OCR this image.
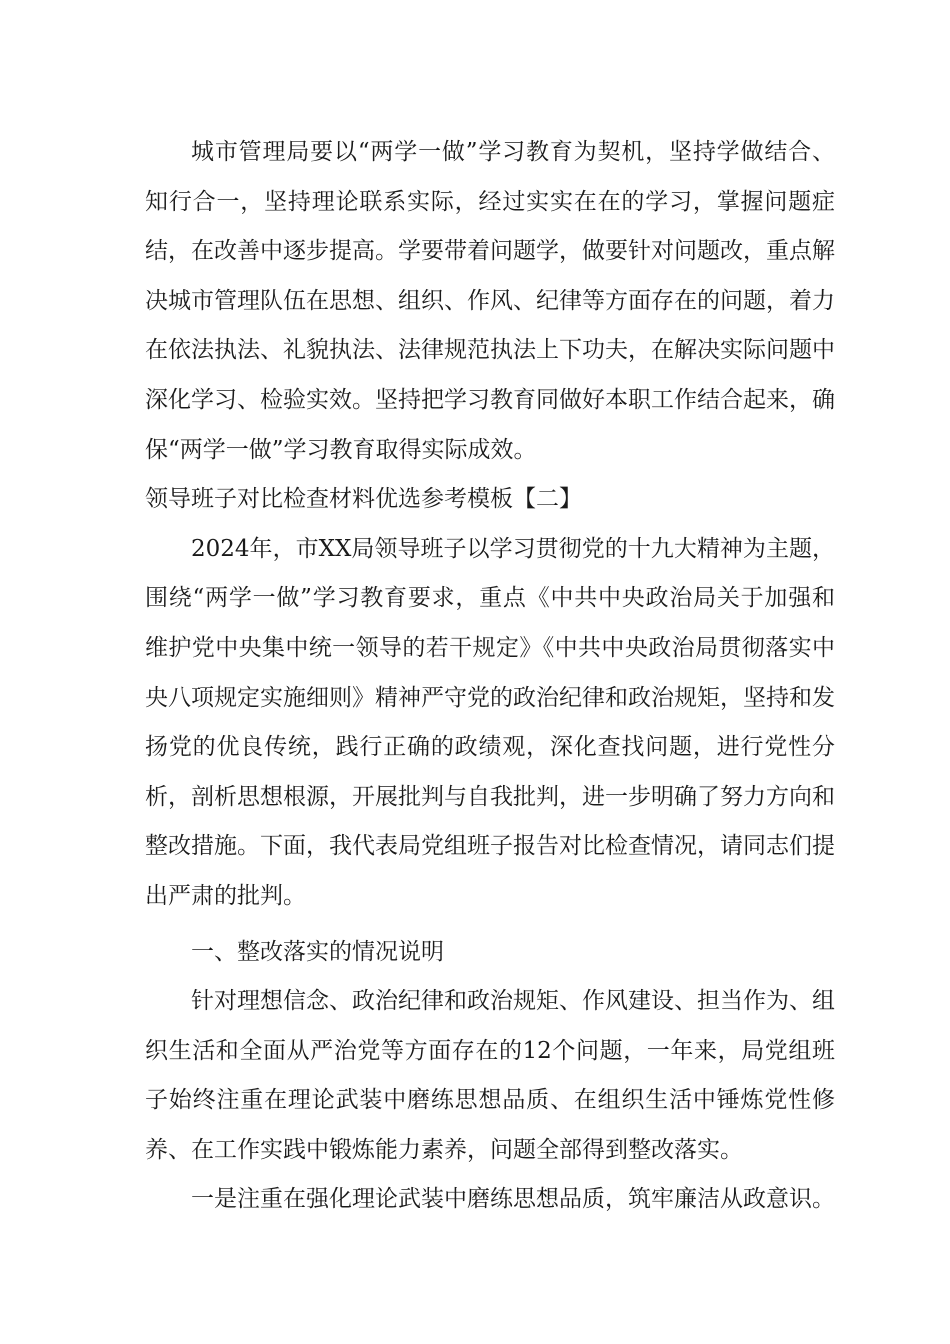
城市管理局要以“两学一做”学习教育为契机，坚持学做结合、知行合一，坚持理论联系实际，经过实实在在的学习，掌握问题症结，在改善中逐步提高。学要带着问题学，做要针对问题改，重点解决城市管理队伍在思想、组织、作风、纪律等方面存在的问题，着力在依法执法、礼貌执法、法律规范执法上下功夫，在解决实际问题中深化学习、检验实效。坚持把学习教育同做好本职工作结合起来，确保“两学一做”学习教育取得实际成效。

领导班子对比检查材料优选参考模板【二】

2024年，市XX局领导班子以学习贯彻党的十九大精神为主题，围绕“两学一做”学习教育要求，重点《中共中央政治局关于加强和维护党中央集中统一领导的若干规定》《中共中央政治局贯彻落实中央八项规定实施细则》精神严守党的政治纪律和政治规矩，坚持和发扬党的优良传统，践行正确的政绩观，深化查找问题，进行党性分析，剖析思想根源，开展批判与自我批判，进一步明确了努力方向和整改措施。下面，我代表局党组班子报告对比检查情况，请同志们提出严肃的批判。

一、整改落实的情况说明

针对理想信念、政治纪律和政治规矩、作风建设、担当作为、组织生活和全面从严治党等方面存在的12个问题，一年来，局党组班子始终注重在理论武装中磨练思想品质、在组织生活中锤炼党性修养、在工作实践中锻炼能力素养，问题全部得到整改落实。

一是注重在强化理论武装中磨练思想品质，筑牢廉洁从政意识。
